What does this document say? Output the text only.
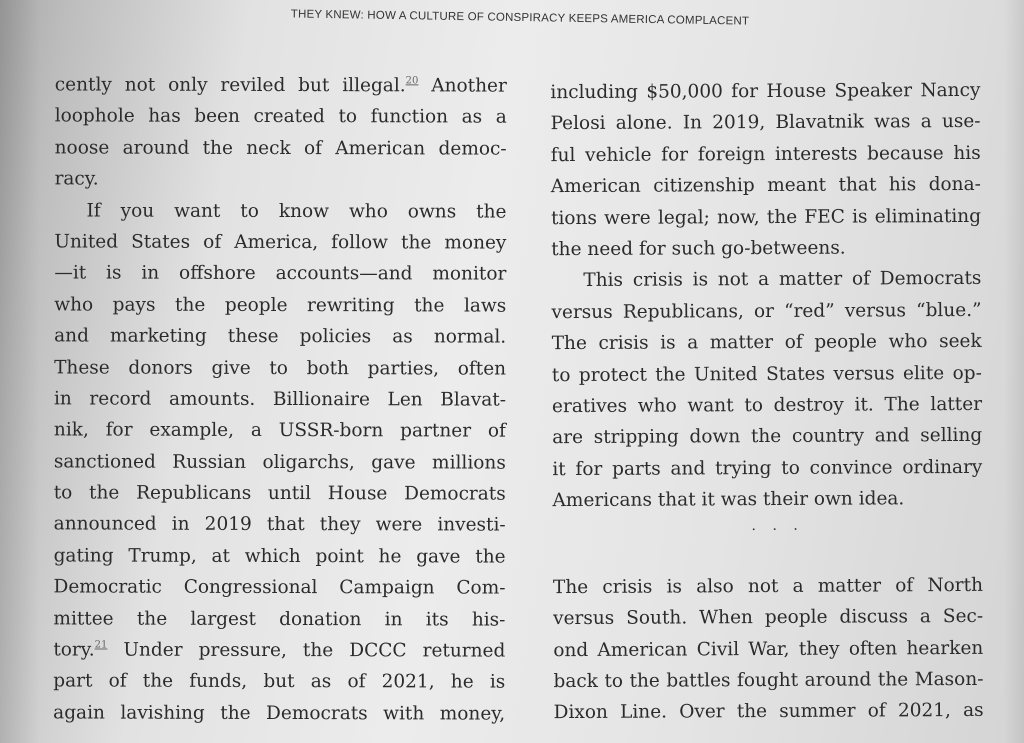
THEY KNEW: HOW A CULTURE OF CONSPIRACY KEEPS AMERICA COMPLACENT
cently not only reviled but illegal.$^{20}$ Another
loophole has been created to function as a
noose around the neck of American democ-
racy.
If you want to know who owns the
United States of America, follow the money
—it is in offshore accounts—and monitor
who pays the people rewriting the laws
and marketing these policies as normal.
These donors give to both parties, often
in record amounts. Billionaire Len Blavat-
nik, for example, a USSR-born partner of
sanctioned Russian oligarchs, gave millions
to the Republicans until House Democrats
announced in 2019 that they were investi-
gating Trump, at which point he gave the
Democratic Congressional Campaign Com-
mittee the largest donation in its his-
tory.$^{21}$ Under pressure, the DCCC returned
part of the funds, but as of 2021, he is
again lavishing the Democrats with money,
including $50,000 for House Speaker Nancy
Pelosi alone. In 2019, Blavatnik was a use-
ful vehicle for foreign interests because his
American citizenship meant that his dona-
tions were legal; now, the FEC is eliminating
the need for such go-betweens.
This crisis is not a matter of Democrats
versus Republicans, or “red” versus “blue.”
The crisis is a matter of people who seek
to protect the United States versus elite op-
eratives who want to destroy it. The latter
are stripping down the country and selling
it for parts and trying to convince ordinary
Americans that it was their own idea.
· · ·
The crisis is also not a matter of North
versus South. When people discuss a Sec-
ond American Civil War, they often hearken
back to the battles fought around the Mason-
Dixon Line. Over the summer of 2021, as
